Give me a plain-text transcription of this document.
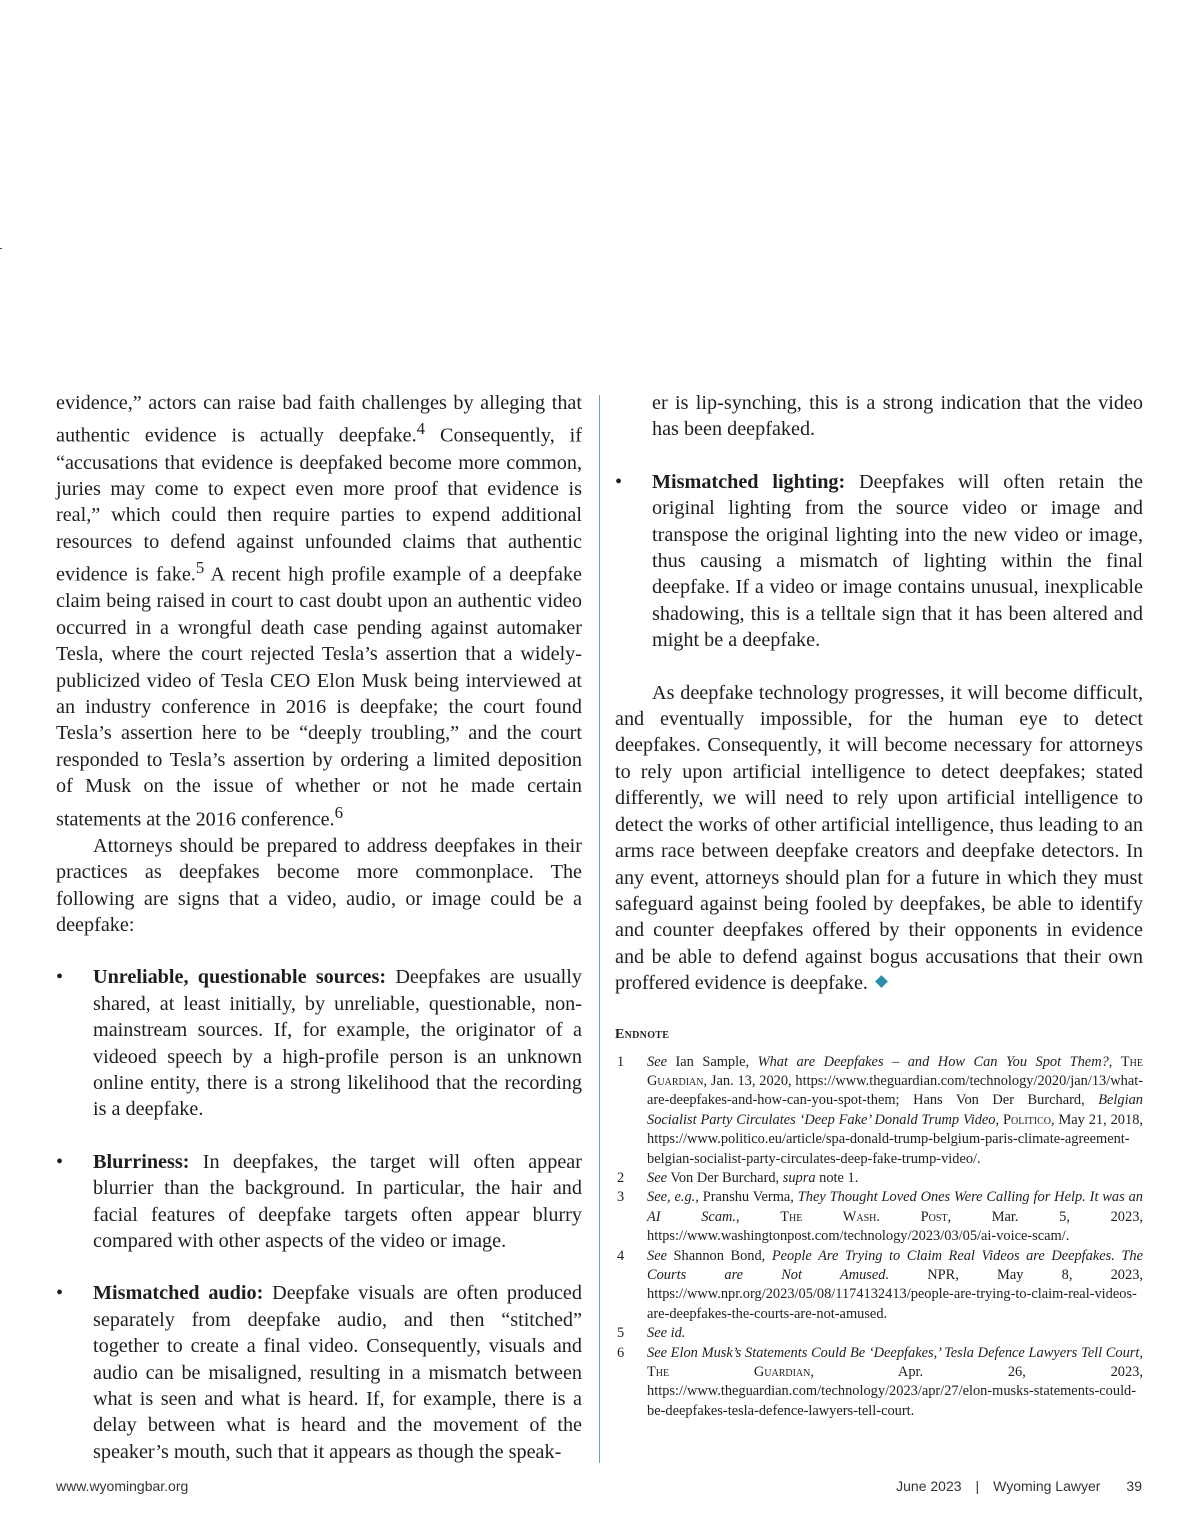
evidence,” actors can raise bad faith challenges by alleging that authentic evidence is actually deepfake.$^4$ Consequently, if “accusations that evidence is deepfaked become more common, juries may come to expect even more proof that evidence is real,” which could then require parties to expend additional resources to defend against unfounded claims that authentic evidence is fake.$^5$ A recent high profile example of a deepfake claim being raised in court to cast doubt upon an authentic video occurred in a wrongful death case pending against automaker Tesla, where the court rejected Tesla’s assertion that a widely-publicized video of Tesla CEO Elon Musk being interviewed at an industry conference in 2016 is deepfake; the court found Tesla’s assertion here to be “deeply troubling,” and the court responded to Tesla’s assertion by ordering a limited deposition of Musk on the issue of whether or not he made certain statements at the 2016 conference.$^6$

Attorneys should be prepared to address deepfakes in their practices as deepfakes become more commonplace. The following are signs that a video, audio, or image could be a deepfake:

• Unreliable, questionable sources: Deepfakes are usually shared, at least initially, by unreliable, questionable, non-mainstream sources. If, for example, the originator of a videoed speech by a high-profile person is an unknown online entity, there is a strong likelihood that the recording is a deepfake.

• Blurriness: In deepfakes, the target will often appear blurrier than the background. In particular, the hair and facial features of deepfake targets often appear blurry compared with other aspects of the video or image.

• Mismatched audio: Deepfake visuals are often produced separately from deepfake audio, and then “stitched” together to create a final video. Consequently, visuals and audio can be misaligned, resulting in a mismatch between what is seen and what is heard. If, for example, there is a delay between what is heard and the movement of the speaker’s mouth, such that it appears as though the speak-

er is lip-synching, this is a strong indication that the video has been deepfaked.

• Mismatched lighting: Deepfakes will often retain the original lighting from the source video or image and transpose the original lighting into the new video or image, thus causing a mismatch of lighting within the final deepfake. If a video or image contains unusual, inexplicable shadowing, this is a telltale sign that it has been altered and might be a deepfake.

As deepfake technology progresses, it will become difficult, and eventually impossible, for the human eye to detect deepfakes. Consequently, it will become necessary for attorneys to rely upon artificial intelligence to detect deepfakes; stated differently, we will need to rely upon artificial intelligence to detect the works of other artificial intelligence, thus leading to an arms race between deepfake creators and deepfake detectors. In any event, attorneys should plan for a future in which they must safeguard against being fooled by deepfakes, be able to identify and counter deepfakes offered by their opponents in evidence and be able to defend against bogus accusations that their own proffered evidence is deepfake.

Endnote

1 See Ian Sample, What are Deepfakes – and How Can You Spot Them?, The Guardian, Jan. 13, 2020, https://www.theguardian.com/technology/2020/jan/13/what-are-deepfakes-and-how-can-you-spot-them; Hans Von Der Burchard, Belgian Socialist Party Circulates ‘Deep Fake’ Donald Trump Video, Politico, May 21, 2018, https://www.politico.eu/article/spa-donald-trump-belgium-paris-climate-agreement-belgian-socialist-party-circulates-deep-fake-trump-video/.

2 See Von Der Burchard, supra note 1.

3 See, e.g., Pranshu Verma, They Thought Loved Ones Were Calling for Help. It was an AI Scam., The Wash. Post, Mar. 5, 2023, https://www.washingtonpost.com/technology/2023/03/05/ai-voice-scam/.

4 See Shannon Bond, People Are Trying to Claim Real Videos are Deepfakes. The Courts are Not Amused. NPR, May 8, 2023, https://www.npr.org/2023/05/08/1174132413/people-are-trying-to-claim-real-videos-are-deepfakes-the-courts-are-not-amused.

5 See id.

6 See Elon Musk’s Statements Could Be ‘Deepfakes,’ Tesla Defence Lawyers Tell Court, The Guardian, Apr. 26, 2023, https://www.theguardian.com/technology/2023/apr/27/elon-musks-statements-could-be-deepfakes-tesla-defence-lawyers-tell-court.

www.wyomingbar.org	June 2023 | Wyoming Lawyer 39
